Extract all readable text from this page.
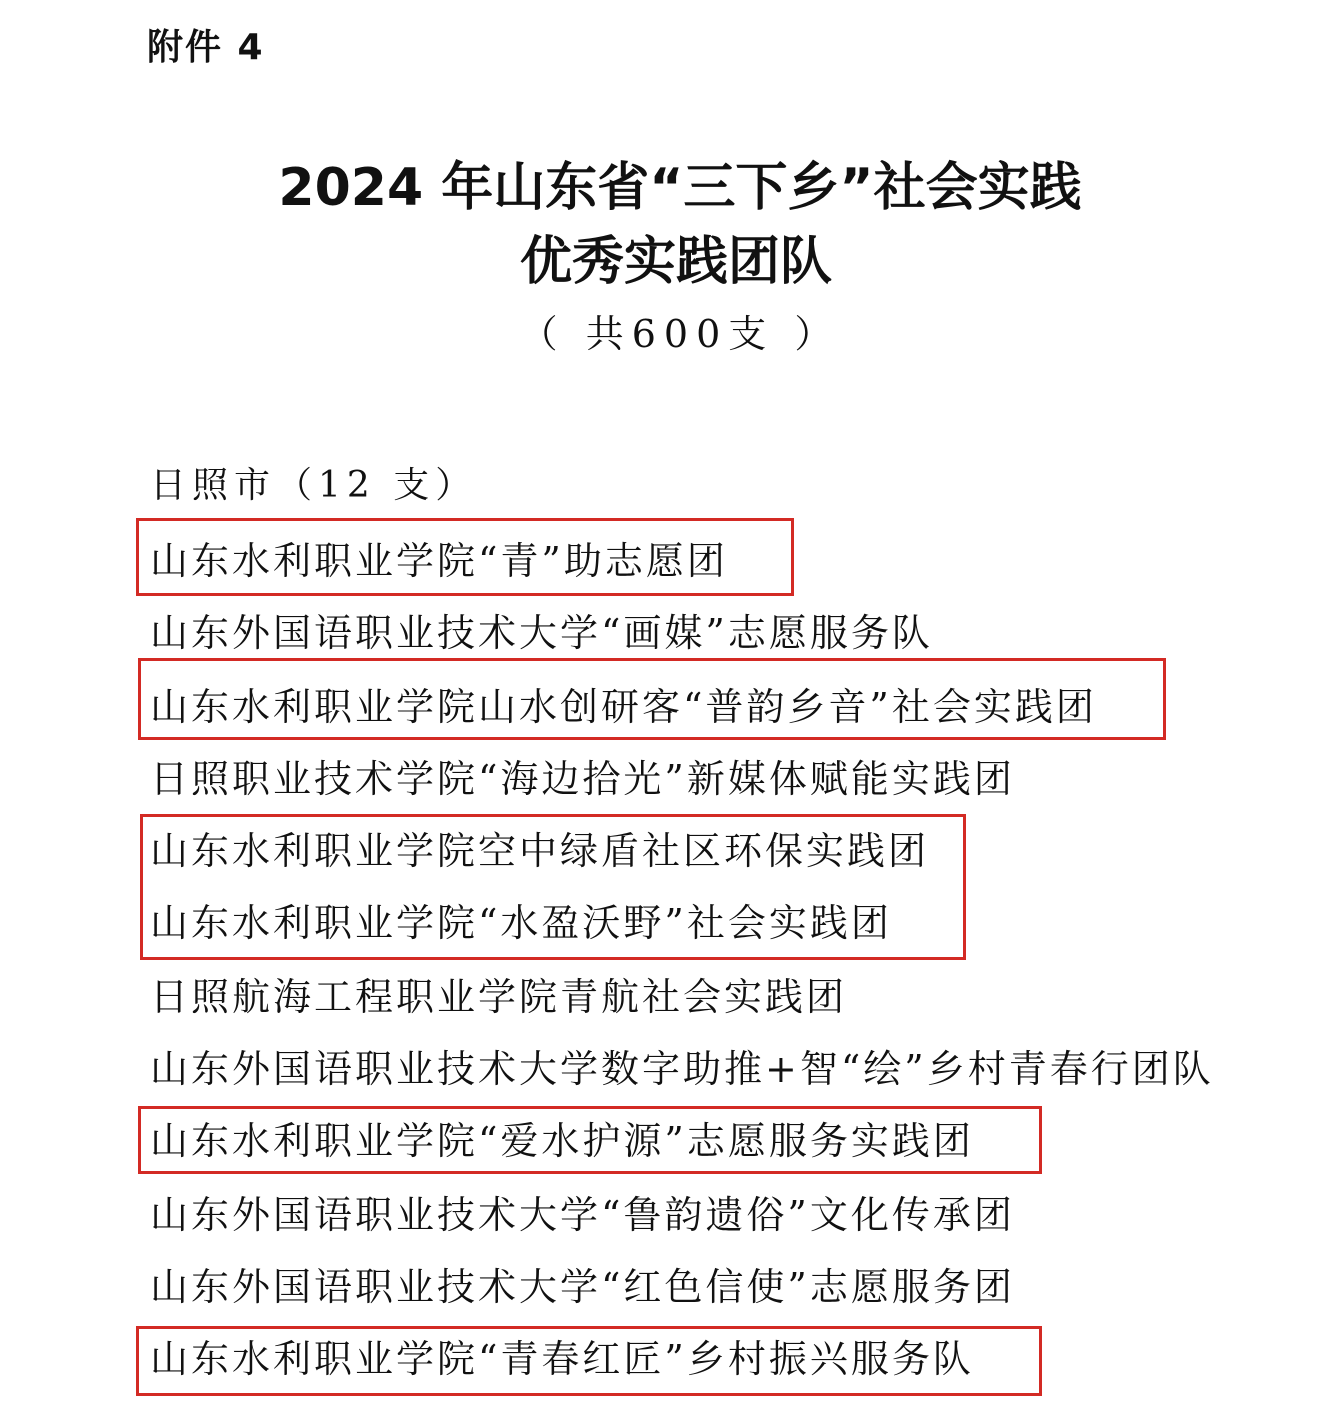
附件 4
2024 年山东省“三下乡”社会实践
优秀实践团队
（ 共600支 ）
日照市（12 支）
山东水利职业学院“青”助志愿团
山东外国语职业技术大学“画媒”志愿服务队
山东水利职业学院山水创研客“普韵乡音”社会实践团
日照职业技术学院“海边拾光”新媒体赋能实践团
山东水利职业学院空中绿盾社区环保实践团
山东水利职业学院“水盈沃野”社会实践团
日照航海工程职业学院青航社会实践团
山东外国语职业技术大学数字助推+智“绘”乡村青春行团队
山东水利职业学院“爱水护源”志愿服务实践团
山东外国语职业技术大学“鲁韵遗俗”文化传承团
山东外国语职业技术大学“红色信使”志愿服务团
山东水利职业学院“青春红匠”乡村振兴服务队
